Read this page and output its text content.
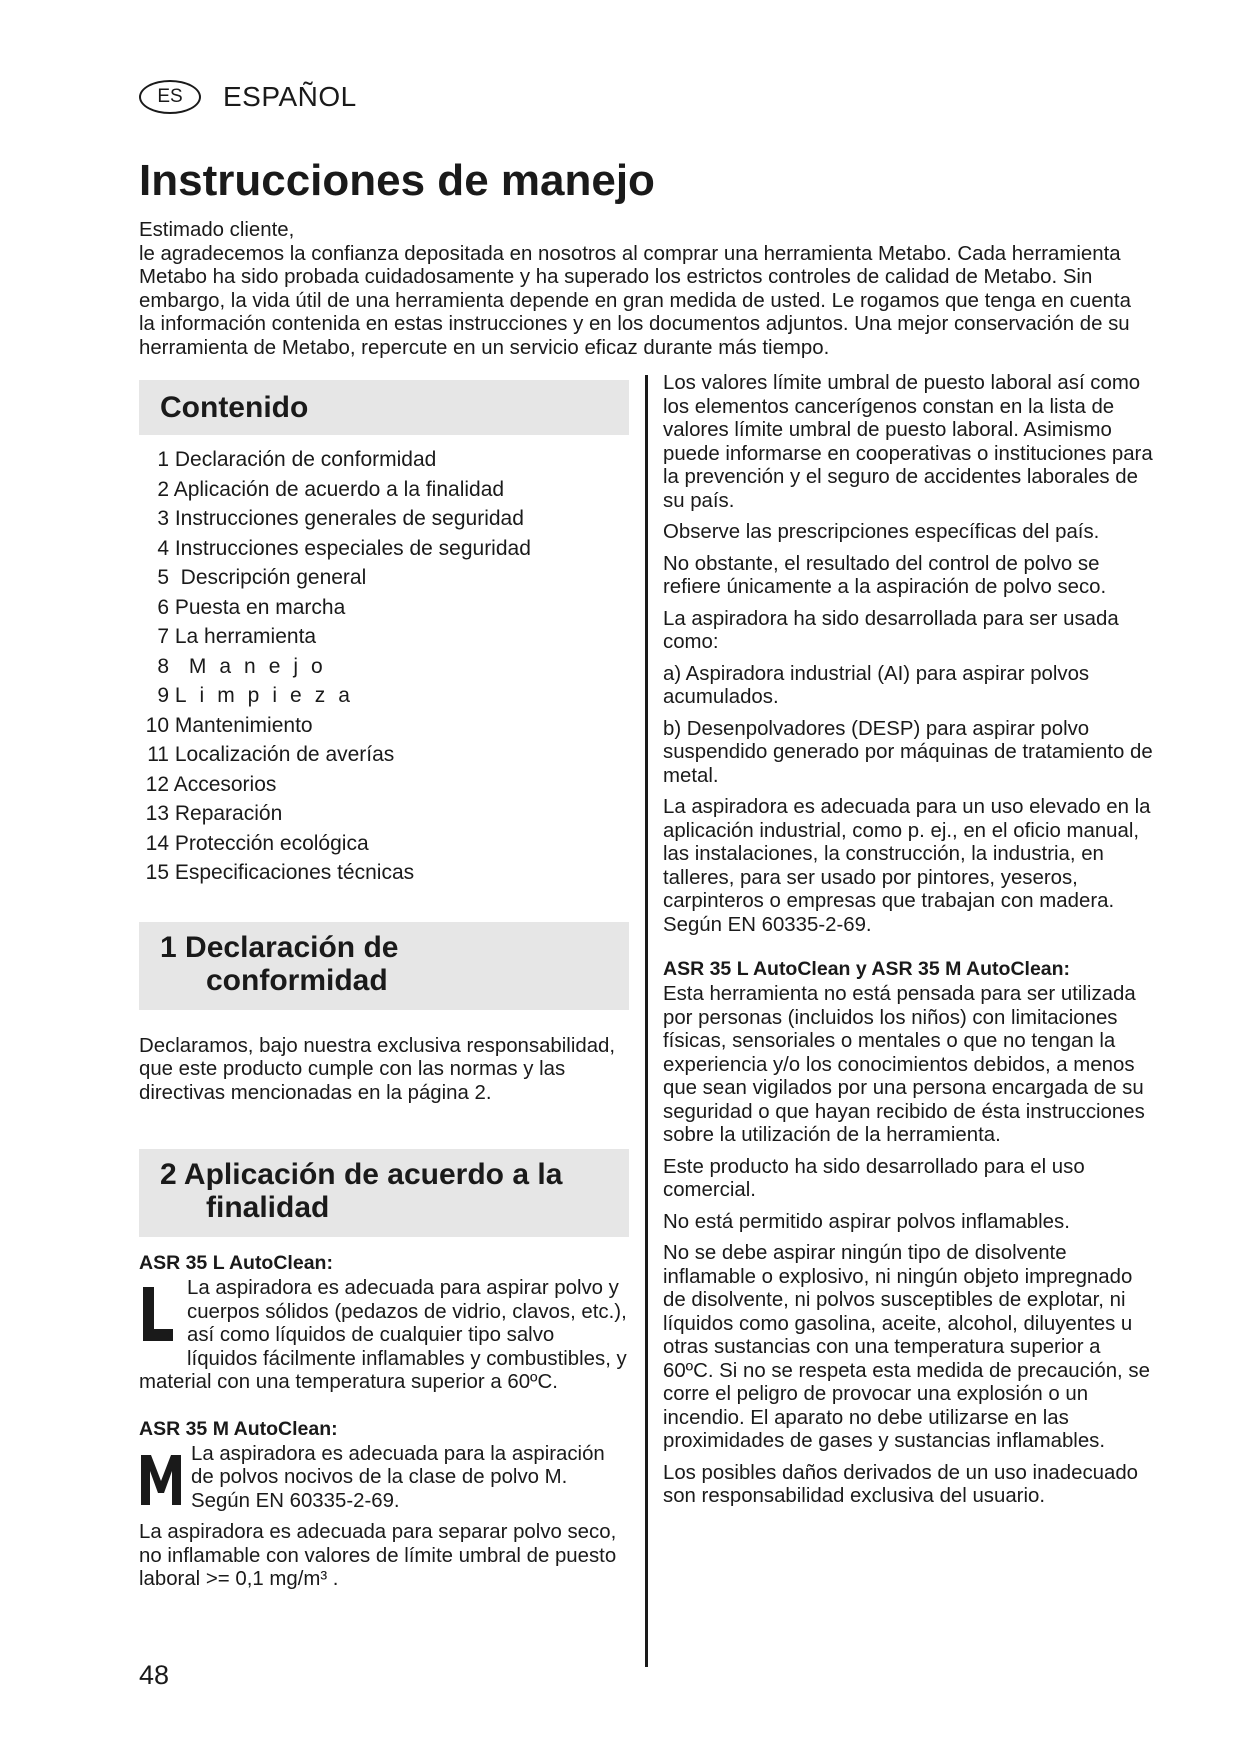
ES ESPAÑOL
Instrucciones de manejo

Estimado cliente,

le agradecemos la confianza depositada en nosotros al comprar una herramienta Metabo. Cada herramienta Metabo ha sido probada cuidadosamente y ha superado los estrictos controles de calidad de Metabo. Sin embargo, la vida útil de una herramienta depende en gran medida de usted. Le rogamos que tenga en cuenta la información contenida en estas instrucciones y en los documentos adjuntos. Una mejor conservación de su herramienta de Metabo, repercute en un servicio eficaz durante más tiempo.

Contenido
1 Declaración de conformidad
2 Aplicación de acuerdo a la finalidad
3 Instrucciones generales de seguridad
4 Instrucciones especiales de seguridad
5  Descripción general
6 Puesta en marcha
7 La herramienta
8 Manejo
9 Limpieza
10 Mantenimiento
11 Localización de averías
12 Accesorios
13 Reparación
14 Protección ecológica
15 Especificaciones técnicas
1 Declaración de
conformidad

Declaramos, bajo nuestra exclusiva responsabilidad, que este producto cumple con las normas y las directivas mencionadas en la página 2.

2 Aplicación de acuerdo a la
finalidad
ASR 35 L AutoClean:

La aspiradora es adecuada para aspirar polvo y cuerpos sólidos (pedazos de vidrio, clavos, etc.), así como líquidos de cualquier tipo salvo líquidos fácilmente inflamables y combustibles, y material con una temperatura superior a 60ºC.

ASR 35 M AutoClean:

La aspiradora es adecuada para la aspiración de polvos nocivos de la clase de polvo M. Según EN 60335-2-69.

La aspiradora es adecuada para separar polvo seco, no inflamable con valores de límite umbral de puesto laboral >= 0,1 mg/m³ .

Los valores límite umbral de puesto laboral así como los elementos cancerígenos constan en la lista de valores límite umbral de puesto laboral. Asimismo puede informarse en cooperativas o instituciones para la prevención y el seguro de accidentes laborales de su país.

Observe las prescripciones específicas del país.

No obstante, el resultado del control de polvo se refiere únicamente a la aspiración de polvo seco.

La aspiradora ha sido desarrollada para ser usada como:

a) Aspiradora industrial (AI) para aspirar polvos acumulados.

b) Desenpolvadores (DESP) para aspirar polvo suspendido generado por máquinas de tratamiento de metal.

La aspiradora es adecuada para un uso elevado en la aplicación industrial, como p. ej., en el oficio manual, las instalaciones, la construcción, la industria, en talleres, para ser usado por pintores, yeseros, carpinteros o empresas que trabajan con madera. Según EN 60335-2-69.

ASR 35 L AutoClean y ASR 35 M AutoClean:

Esta herramienta no está pensada para ser utilizada por personas (incluidos los niños) con limitaciones físicas, sensoriales o mentales o que no tengan la experiencia y/o los conocimientos debidos, a menos que sean vigilados por una persona encargada de su seguridad o que hayan recibido de ésta instrucciones sobre la utilización de la herramienta.

Este producto ha sido desarrollado para el uso comercial.

No está permitido aspirar polvos inflamables.

No se debe aspirar ningún tipo de disolvente inflamable o explosivo, ni ningún objeto impregnado de disolvente, ni polvos susceptibles de explotar, ni líquidos como gasolina, aceite, alcohol, diluyentes u otras sustancias con una temperatura superior a 60ºC. Si no se respeta esta medida de precaución, se corre el peligro de provocar una explosión o un incendio. El aparato no debe utilizarse en las proximidades de gases y sustancias inflamables.

Los posibles daños derivados de un uso inadecuado son responsabilidad exclusiva del usuario.

48
